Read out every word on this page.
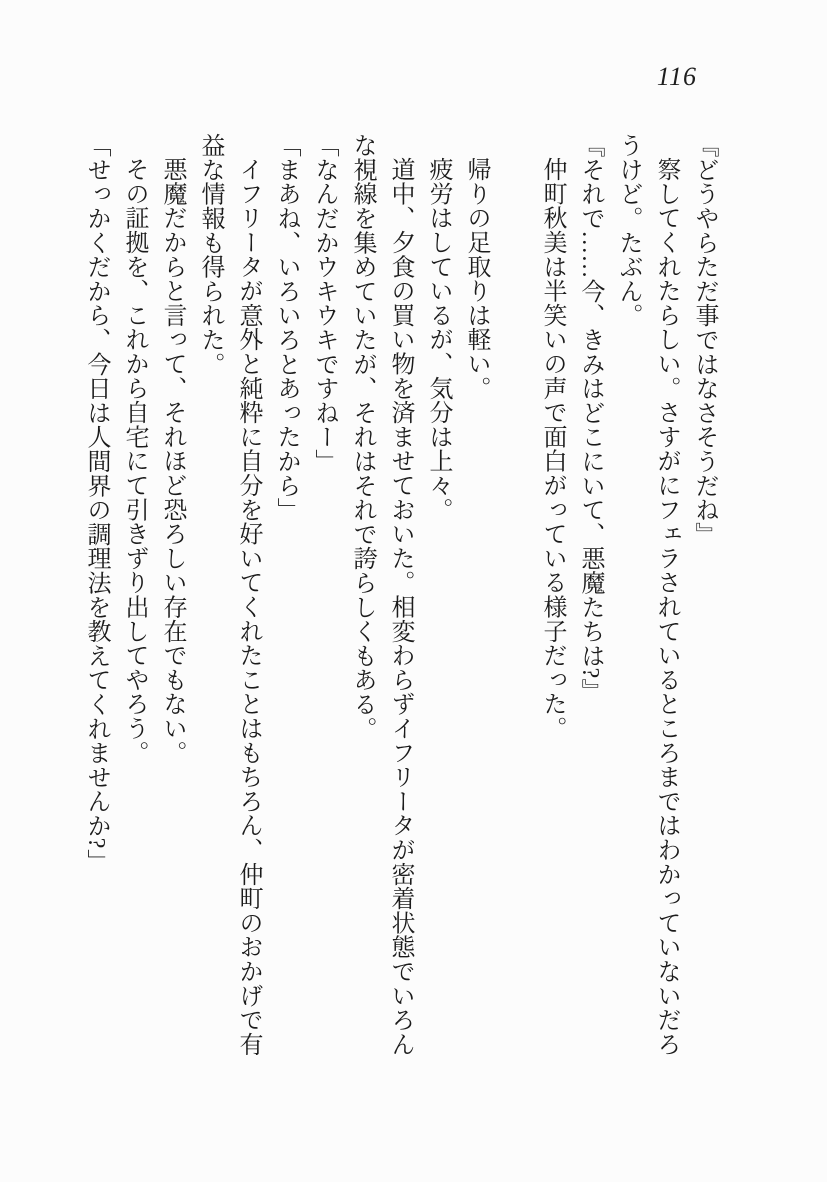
116

『どうやらただ事ではなさそうだね』

察してくれたらしい。さすがにフェラされているところまではわかっていないだろ

うけど。たぶん。

『それで……今、きみはどこにいて、悪魔たちは?』

仲町秋美は半笑いの声で面白がっている様子だった。

帰りの足取りは軽い。

疲労はしているが、気分は上々。

道中、夕食の買い物を済ませておいた。相変わらずイフリータが密着状態でいろん

な視線を集めていたが、それはそれで誇らしくもある。

「なんだかウキウキですねー」

「まあね、いろいろとあったから」

イフリータが意外と純粋に自分を好いてくれたことはもちろん、仲町のおかげで有

益な情報も得られた。

悪魔だからと言って、それほど恐ろしい存在でもない。

その証拠を、これから自宅にて引きずり出してやろう。

「せっかくだから、今日は人間界の調理法を教えてくれませんか?」
